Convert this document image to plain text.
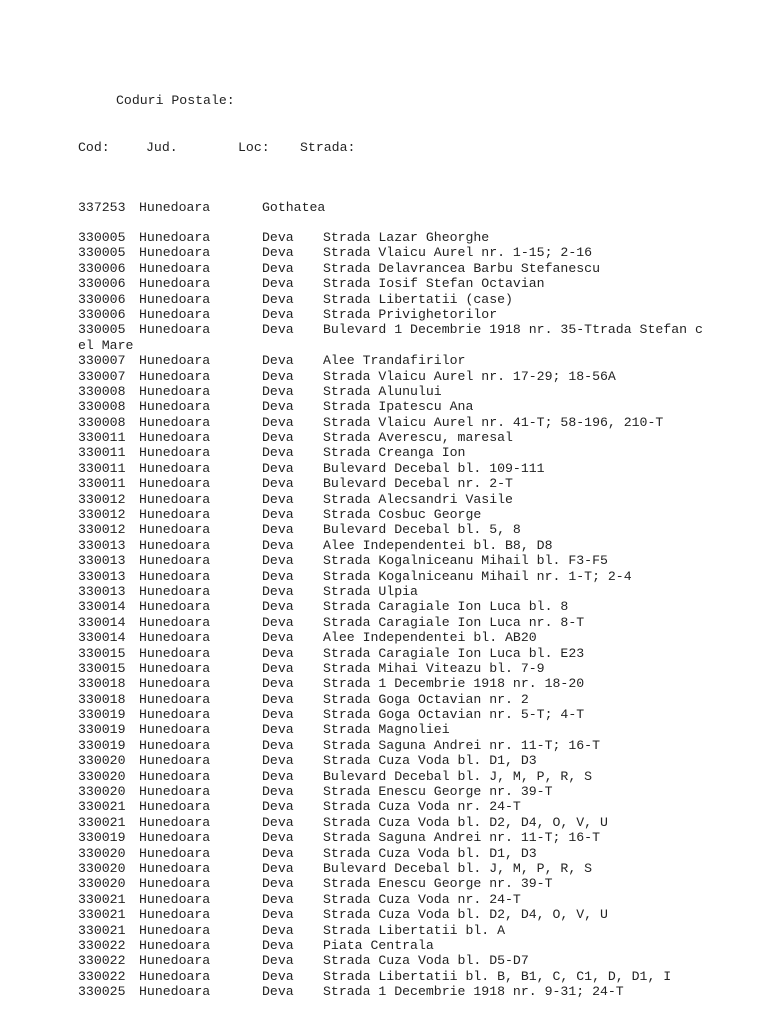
Coduri Postale:
Cod:	Jud.	Loc: Strada:
337253 Hunedoara	Gothatea
330005 Hunedoara	Deva Strada Lazar Gheorghe
330005 Hunedoara	Deva Strada Vlaicu Aurel nr. 1-15; 2-16
330006 Hunedoara	Deva Strada Delavrancea Barbu Stefanescu
330006 Hunedoara	Deva Strada Iosif Stefan Octavian
330006 Hunedoara	Deva Strada Libertatii (case)
330006 Hunedoara	Deva Strada Privighetorilor
330005 Hunedoara	Deva Bulevard 1 Decembrie 1918 nr. 35-Ttrada Stefan c
el Mare
330007 Hunedoara	Deva Alee Trandafirilor
330007 Hunedoara	Deva Strada Vlaicu Aurel nr. 17-29; 18-56A
330008 Hunedoara	Deva Strada Alunului
330008 Hunedoara	Deva Strada Ipatescu Ana
330008 Hunedoara	Deva Strada Vlaicu Aurel nr. 41-T; 58-196, 210-T
330011 Hunedoara	Deva Strada Averescu, maresal
330011 Hunedoara	Deva Strada Creanga Ion
330011 Hunedoara	Deva Bulevard Decebal bl. 109-111
330011 Hunedoara	Deva Bulevard Decebal nr. 2-T
330012 Hunedoara	Deva Strada Alecsandri Vasile
330012 Hunedoara	Deva Strada Cosbuc George
330012 Hunedoara	Deva Bulevard Decebal bl. 5, 8
330013 Hunedoara	Deva Alee Independentei bl. B8, D8
330013 Hunedoara	Deva Strada Kogalniceanu Mihail bl. F3-F5
330013 Hunedoara	Deva Strada Kogalniceanu Mihail nr. 1-T; 2-4
330013 Hunedoara	Deva Strada Ulpia
330014 Hunedoara	Deva Strada Caragiale Ion Luca bl. 8
330014 Hunedoara	Deva Strada Caragiale Ion Luca nr. 8-T
330014 Hunedoara	Deva Alee Independentei bl. AB20
330015 Hunedoara	Deva Strada Caragiale Ion Luca bl. E23
330015 Hunedoara	Deva Strada Mihai Viteazu bl. 7-9
330018 Hunedoara	Deva Strada 1 Decembrie 1918 nr. 18-20
330018 Hunedoara	Deva Strada Goga Octavian nr. 2
330019 Hunedoara	Deva Strada Goga Octavian nr. 5-T; 4-T
330019 Hunedoara	Deva Strada Magnoliei
330019 Hunedoara	Deva Strada Saguna Andrei nr. 11-T; 16-T
330020 Hunedoara	Deva Strada Cuza Voda bl. D1, D3
330020 Hunedoara	Deva Bulevard Decebal bl. J, M, P, R, S
330020 Hunedoara	Deva Strada Enescu George nr. 39-T
330021 Hunedoara	Deva Strada Cuza Voda nr. 24-T
330021 Hunedoara	Deva Strada Cuza Voda bl. D2, D4, O, V, U
330019 Hunedoara	Deva Strada Saguna Andrei nr. 11-T; 16-T
330020 Hunedoara	Deva Strada Cuza Voda bl. D1, D3
330020 Hunedoara	Deva Bulevard Decebal bl. J, M, P, R, S
330020 Hunedoara	Deva Strada Enescu George nr. 39-T
330021 Hunedoara	Deva Strada Cuza Voda nr. 24-T
330021 Hunedoara	Deva Strada Cuza Voda bl. D2, D4, O, V, U
330021 Hunedoara	Deva Strada Libertatii bl. A
330022 Hunedoara	Deva Piata Centrala
330022 Hunedoara	Deva Strada Cuza Voda bl. D5-D7
330022 Hunedoara	Deva Strada Libertatii bl. B, B1, C, C1, D, D1, I
330025 Hunedoara	Deva Strada 1 Decembrie 1918 nr. 9-31; 24-T
